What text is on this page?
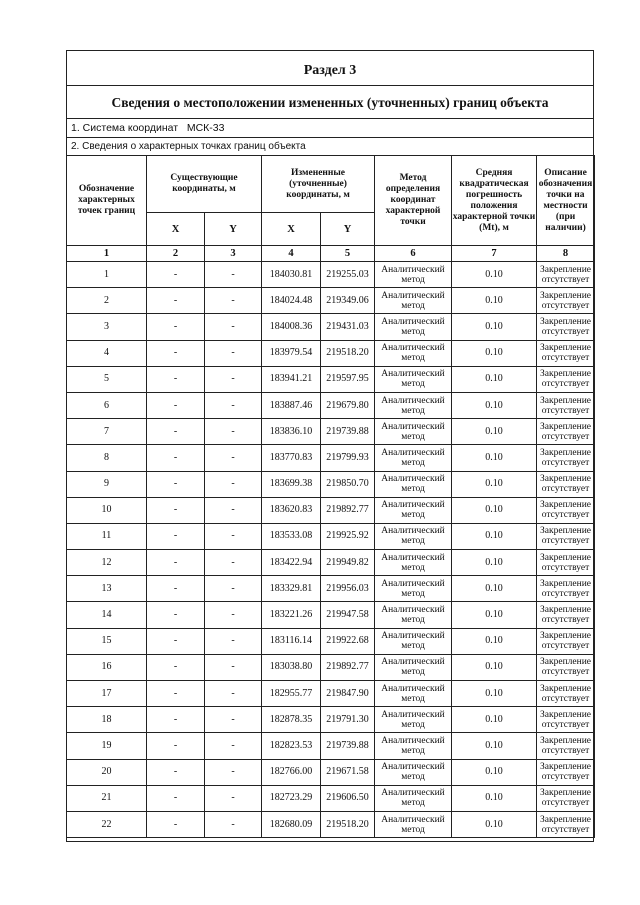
Раздел 3
Сведения о местоположении измененных (уточненных) границ объекта
1. Система координат МСК-33
2. Сведения о характерных точках границ объекта
Обозначение характерных точек границ	Существующие координаты, м		Измененные (уточненные) координаты, м		Метод определения координат характерной точки	Средняя квадратическая погрешность положения характерной точки (Mt), м	Описание обозначения точки на местности (при наличии)
	X	Y	X	Y			
1	2	3	4	5	6	7	8
1	-	-	184030.81	219255.03	Аналитический метод	0.10	Закрепление отсутствует
2	-	-	184024.48	219349.06	Аналитический метод	0.10	Закрепление отсутствует
3	-	-	184008.36	219431.03	Аналитический метод	0.10	Закрепление отсутствует
4	-	-	183979.54	219518.20	Аналитический метод	0.10	Закрепление отсутствует
5	-	-	183941.21	219597.95	Аналитический метод	0.10	Закрепление отсутствует
6	-	-	183887.46	219679.80	Аналитический метод	0.10	Закрепление отсутствует
7	-	-	183836.10	219739.88	Аналитический метод	0.10	Закрепление отсутствует
8	-	-	183770.83	219799.93	Аналитический метод	0.10	Закрепление отсутствует
9	-	-	183699.38	219850.70	Аналитический метод	0.10	Закрепление отсутствует
10	-	-	183620.83	219892.77	Аналитический метод	0.10	Закрепление отсутствует
11	-	-	183533.08	219925.92	Аналитический метод	0.10	Закрепление отсутствует
12	-	-	183422.94	219949.82	Аналитический метод	0.10	Закрепление отсутствует
13	-	-	183329.81	219956.03	Аналитический метод	0.10	Закрепление отсутствует
14	-	-	183221.26	219947.58	Аналитический метод	0.10	Закрепление отсутствует
15	-	-	183116.14	219922.68	Аналитический метод	0.10	Закрепление отсутствует
16	-	-	183038.80	219892.77	Аналитический метод	0.10	Закрепление отсутствует
17	-	-	182955.77	219847.90	Аналитический метод	0.10	Закрепление отсутствует
18	-	-	182878.35	219791.30	Аналитический метод	0.10	Закрепление отсутствует
19	-	-	182823.53	219739.88	Аналитический метод	0.10	Закрепление отсутствует
20	-	-	182766.00	219671.58	Аналитический метод	0.10	Закрепление отсутствует
21	-	-	182723.29	219606.50	Аналитический метод	0.10	Закрепление отсутствует
22	-	-	182680.09	219518.20	Аналитический метод	0.10	Закрепление отсутствует
